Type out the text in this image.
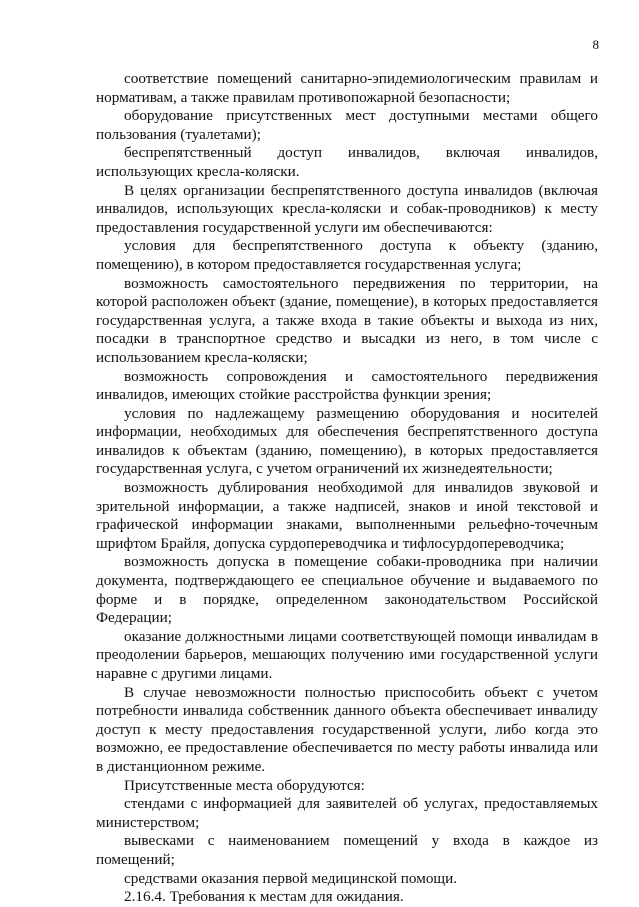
8

соответствие помещений санитарно-эпидемиологическим правилам и нормативам, а также правилам противопожарной безопасности;

оборудование присутственных мест доступными местами общего пользования (туалетами);

беспрепятственный доступ инвалидов, включая инвалидов, использующих кресла-коляски.

В целях организации беспрепятственного доступа инвалидов (включая инвалидов, использующих кресла-коляски и собак-проводников) к месту предоставления государственной услуги им обеспечиваются:

условия для беспрепятственного доступа к объекту (зданию, помещению), в котором предоставляется государственная услуга;

возможность самостоятельного передвижения по территории, на которой расположен объект (здание, помещение), в которых предоставляется государственная услуга, а также входа в такие объекты и выхода из них, посадки в транспортное средство и высадки из него, в том числе с использованием кресла-коляски;

возможность сопровождения и самостоятельного передвижения инвалидов, имеющих стойкие расстройства функции зрения;

условия по надлежащему размещению оборудования и носителей информации, необходимых для обеспечения беспрепятственного доступа инвалидов к объектам (зданию, помещению), в которых предоставляется государственная услуга, с учетом ограничений их жизнедеятельности;

возможность дублирования необходимой для инвалидов звуковой и зрительной информации, а также надписей, знаков и иной текстовой и графической информации знаками, выполненными рельефно-точечным шрифтом Брайля, допуска сурдопереводчика и тифлосурдопереводчика;

возможность допуска в помещение собаки-проводника при наличии документа, подтверждающего ее специальное обучение и выдаваемого по форме и в порядке, определенном законодательством Российской Федерации;

оказание должностными лицами соответствующей помощи инвалидам в преодолении барьеров, мешающих получению ими государственной услуги наравне с другими лицами.

В случае невозможности полностью приспособить объект с учетом потребности инвалида собственник данного объекта обеспечивает инвалиду доступ к месту предоставления государственной услуги, либо когда это возможно, ее предоставление обеспечивается по месту работы инвалида или в дистанционном режиме.

Присутственные места оборудуются:

стендами с информацией для заявителей об услугах, предоставляемых министерством;

вывесками с наименованием помещений у входа в каждое из помещений;

средствами оказания первой медицинской помощи.

2.16.4. Требования к местам для ожидания.
